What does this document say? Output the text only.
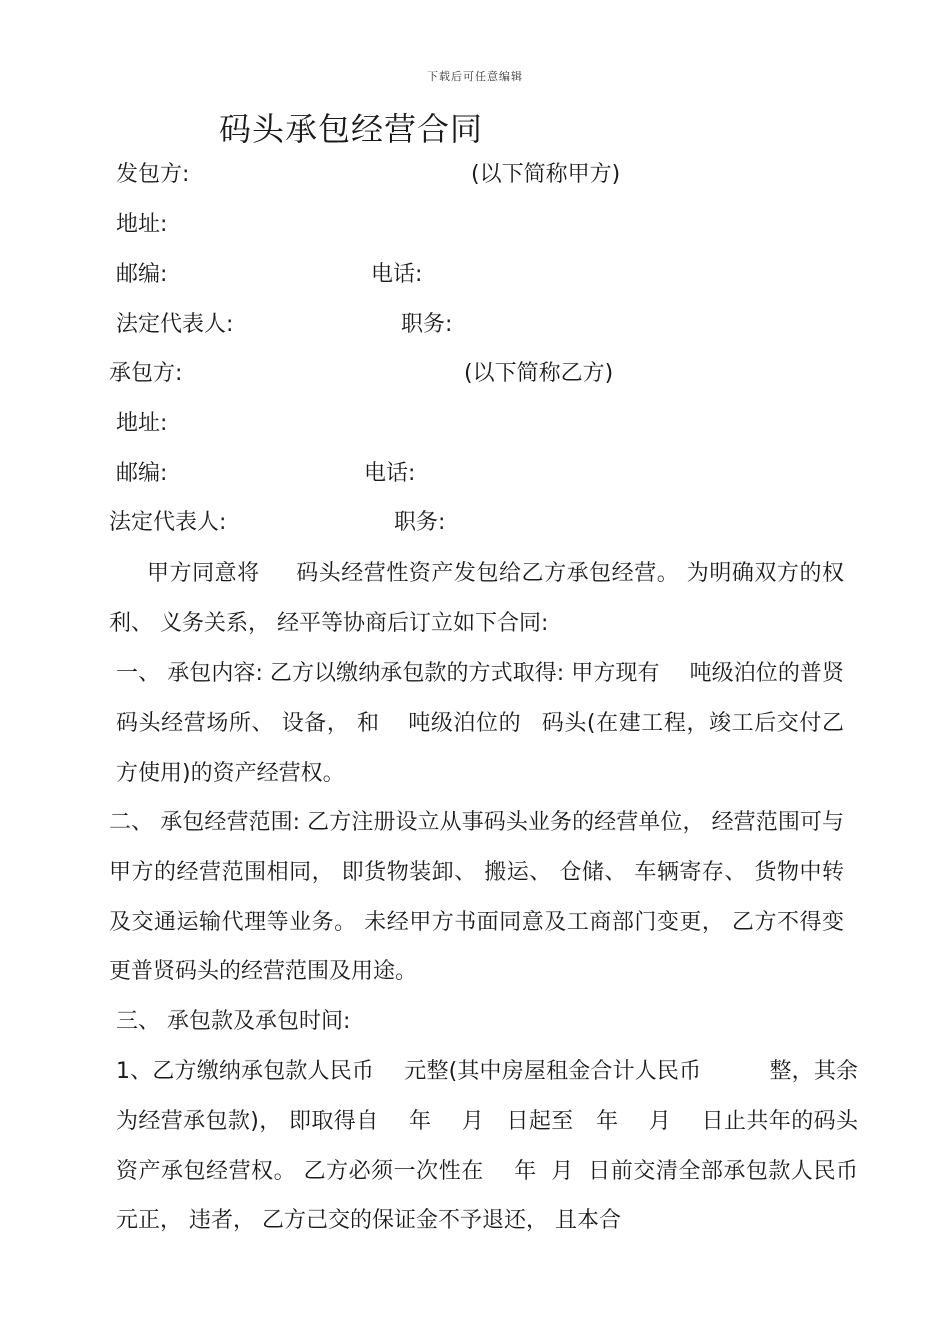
下载后可任意编辑
码头承包经营合同
发包方:	(以下简称甲方)
地址:
邮编:	电话:
法定代表人:	职务:
承包方:	(以下简称乙方)
地址:
邮编:	电话:
法定代表人:	职务:
甲方同意将 码头经营性资产发包给乙方承包经营。 为明确双方的权利、 义务关系， 经平等协商后订立如下合同:
一、 承包内容: 乙方以缴纳承包款的方式取得: 甲方现有 吨级泊位的普贤码头经营场所、 设备， 和 吨级泊位的 码头(在建工程，竣工后交付乙方使用)的资产经营权。
二、 承包经营范围: 乙方注册设立从事码头业务的经营单位， 经营范围可与甲方的经营范围相同， 即货物装卸、 搬运、 仓储、 车辆寄存、 货物中转及交通运输代理等业务。 未经甲方书面同意及工商部门变更， 乙方不得变更普贤码头的经营范围及用途。
三、 承包款及承包时间:
1、乙方缴纳承包款人民币 元整(其中房屋租金合计人民币	整，其余为经营承包款)， 即取得自 年 月 日起至 年 月 日止共年的码头资产承包经营权。 乙方必须一次性在 年 月 日前交清全部承包款人民币 元正， 违者， 乙方己交的保证金不予退还， 且本合
